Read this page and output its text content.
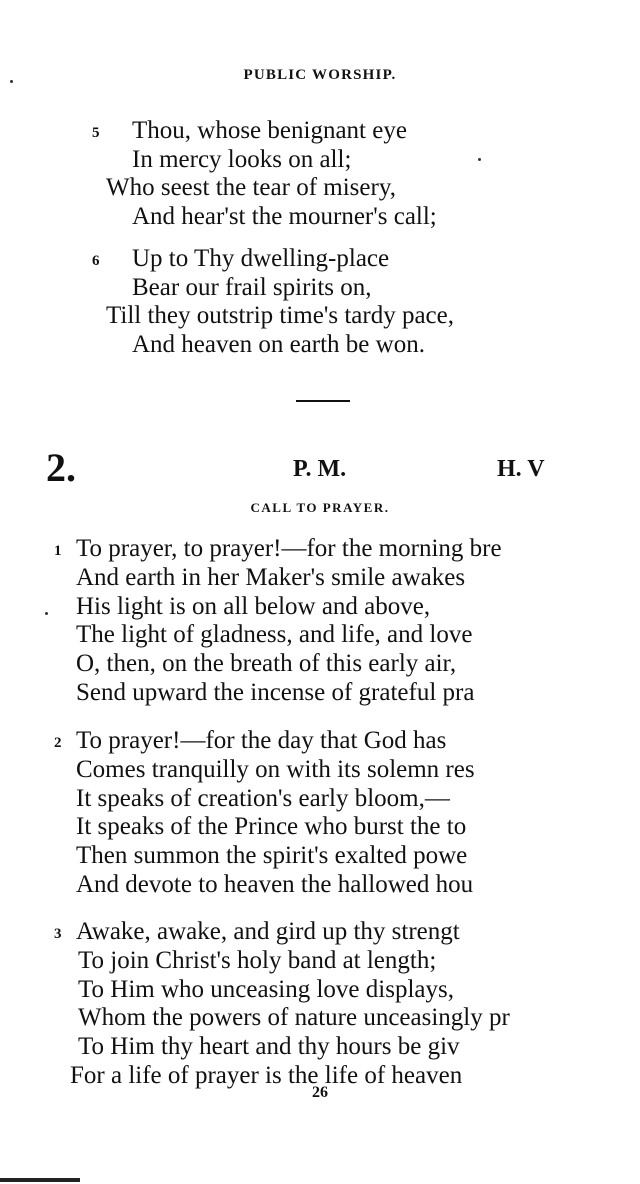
PUBLIC WORSHIP.
5 Thou, whose benignant eye
In mercy looks on all;
Who seest the tear of misery,
And hear'st the mourner's call;
6 Up to Thy dwelling-place
Bear our frail spirits on,
Till they outstrip time's tardy pace,
And heaven on earth be won.
2.	P. M.	H. V
1 To prayer, to prayer!—for the morning bre
And earth in her Maker's smile awakes
His light is on all below and above,
The light of gladness, and life, and love
O, then, on the breath of this early air,
Send upward the incense of grateful pra
2 To prayer!—for the day that God has
Comes tranquilly on with its solemn res
It speaks of creation's early bloom,—
It speaks of the Prince who burst the to
Then summon the spirit's exalted powe
And devote to heaven the hallowed hou
3 Awake, awake, and gird up thy strengt
To join Christ's holy band at length;
To Him who unceasing love displays,
Whom the powers of nature unceasingly pr
To Him thy heart and thy hours be giv
For a life of prayer is the life of heaven
CALL TO PRAYER.
26
